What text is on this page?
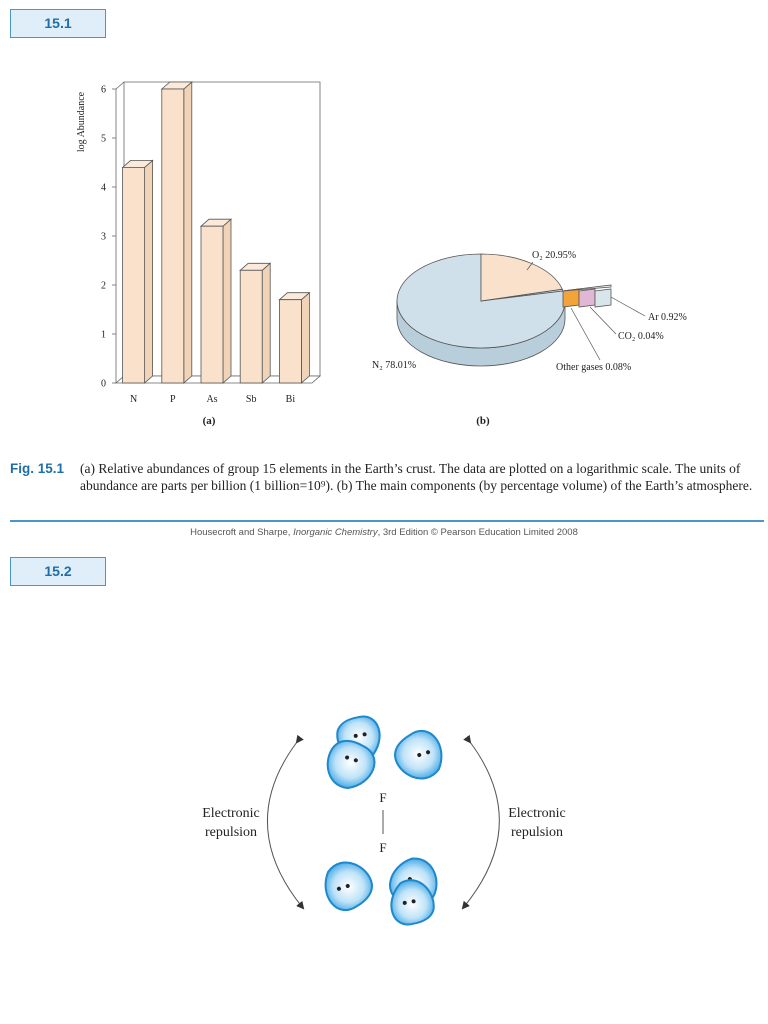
15.1
0
1
2
3
4
5
6
log Abundance
N	P	As	Sb	Bi
O₂ 20.95%
Ar 0.92%
CO₂ 0.04%
Other gases 0.08%
N₂ 78.01%
(a)	(b)
Fig. 15.1 (a) Relative abundances of group 15 elements in the Earth’s crust. The data are plotted on a logarithmic scale. The units of abundance are parts per billion (1 billion=10⁹). (b) The main components (by percentage volume) of the Earth’s atmosphere.
Housecroft and Sharpe, Inorganic Chemistry, 3rd Edition © Pearson Education Limited 2008
15.2
Electronic
repulsion
Electronic
repulsion
F
F
